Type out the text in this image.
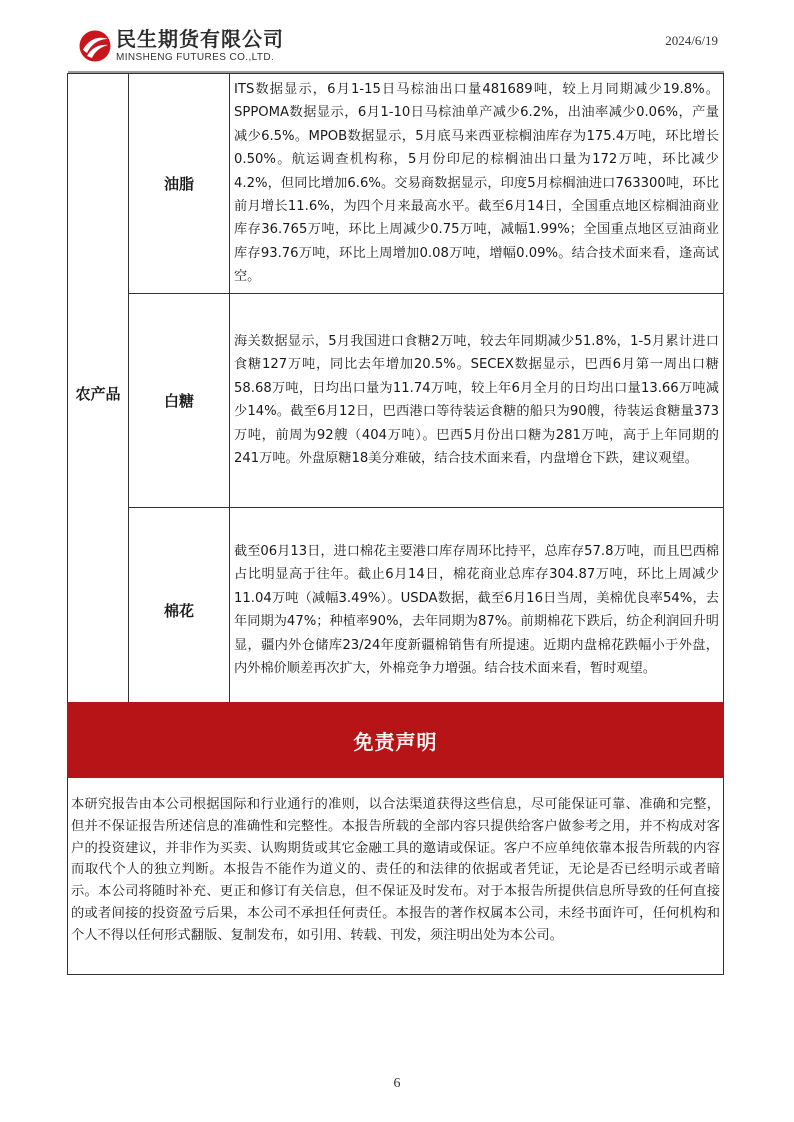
民生期货有限公司
MINSHENG FUTURES CO.,LTD.
2024/6/19
农产品	油脂	ITS数据显示，6月1-15日马棕油出口量481689吨，较上月同期减少19.8%。SPPOMA数据显示，6月1-10日马棕油单产减少6.2%，出油率减少0.06%，产量减少6.5%。MPOB数据显示，5月底马来西亚棕榈油库存为175.4万吨，环比增长0.50%。航运调查机构称，5月份印尼的棕榈油出口量为172万吨，环比减少4.2%，但同比增加6.6%。交易商数据显示，印度5月棕榈油进口763300吨，环比前月增长11.6%，为四个月来最高水平。截至6月14日，全国重点地区棕榈油商业库存36.765万吨，环比上周减少0.75万吨，减幅1.99%；全国重点地区豆油商业库存93.76万吨，环比上周增加0.08万吨，增幅0.09%。结合技术面来看，逢高试空。

	白糖	海关数据显示，5月我国进口食糖2万吨，较去年同期减少51.8%，1-5月累计进口食糖127万吨，同比去年增加20.5%。SECEX数据显示，巴西6月第一周出口糖58.68万吨，日均出口量为11.74万吨，较上年6月全月的日均出口量13.66万吨减少14%。截至6月12日，巴西港口等待装运食糖的船只为90艘，待装运食糖量373万吨，前周为92艘（404万吨）。巴西5月份出口糖为281万吨，高于上年同期的241万吨。外盘原糖18美分难破，结合技术面来看，内盘增仓下跌，建议观望。

	棉花	截至06月13日，进口棉花主要港口库存周环比持平，总库存57.8万吨，而且巴西棉占比明显高于往年。截止6月14日，棉花商业总库存304.87万吨，环比上周减少11.04万吨（减幅3.49%）。USDA数据，截至6月16日当周，美棉优良率54%，去年同期为47%；种植率90%，去年同期为87%。前期棉花下跌后，纺企利润回升明显，疆内外仓储库23/24年度新疆棉销售有所提速。近期内盘棉花跌幅小于外盘，内外棉价顺差再次扩大，外棉竞争力增强。结合技术面来看，暂时观望。

免责声明

本研究报告由本公司根据国际和行业通行的准则，以合法渠道获得这些信息，尽可能保证可靠、准确和完整，但并不保证报告所述信息的准确性和完整性。本报告所载的全部内容只提供给客户做参考之用，并不构成对客户的投资建议，并非作为买卖、认购期货或其它金融工具的邀请或保证。客户不应单纯依靠本报告所载的内容而取代个人的独立判断。本报告不能作为道义的、责任的和法律的依据或者凭证，无论是否已经明示或者暗示。本公司将随时补充、更正和修订有关信息，但不保证及时发布。对于本报告所提供信息所导致的任何直接的或者间接的投资盈亏后果，本公司不承担任何责任。本报告的著作权属本公司，未经书面许可，任何机构和个人不得以任何形式翻版、复制发布，如引用、转载、刊发，须注明出处为本公司。

6
